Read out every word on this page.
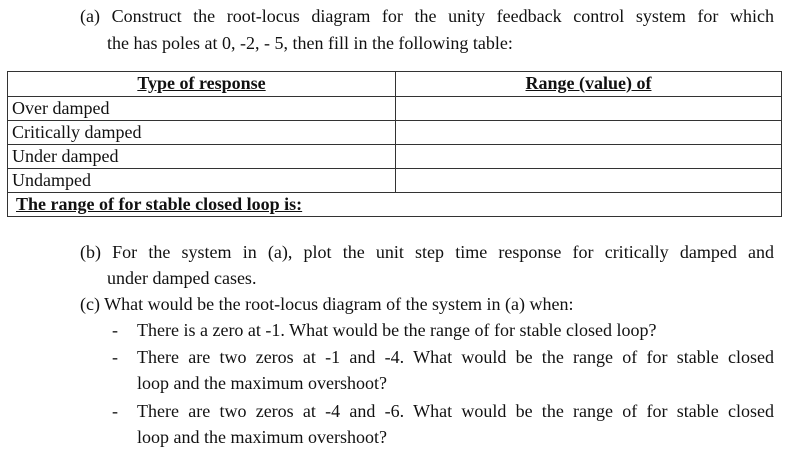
(a) Construct the root-locus diagram for the unity feedback control system for which
the has poles at 0, -2, - 5, then fill in the following table:
Type of response	Range (value) of
Over damped	
Critically damped	
Under damped	
Undamped	
The range of for stable closed loop is:	
(b) For the system in (a), plot the unit step time response for critically damped and
under damped cases.
(c) What would be the root-locus diagram of the system in (a) when:
- There is a zero at -1. What would be the range of for stable closed loop?
- There are two zeros at -1 and -4. What would be the range of for stable closed
loop and the maximum overshoot?
- There are two zeros at -4 and -6. What would be the range of for stable closed
loop and the maximum overshoot?
